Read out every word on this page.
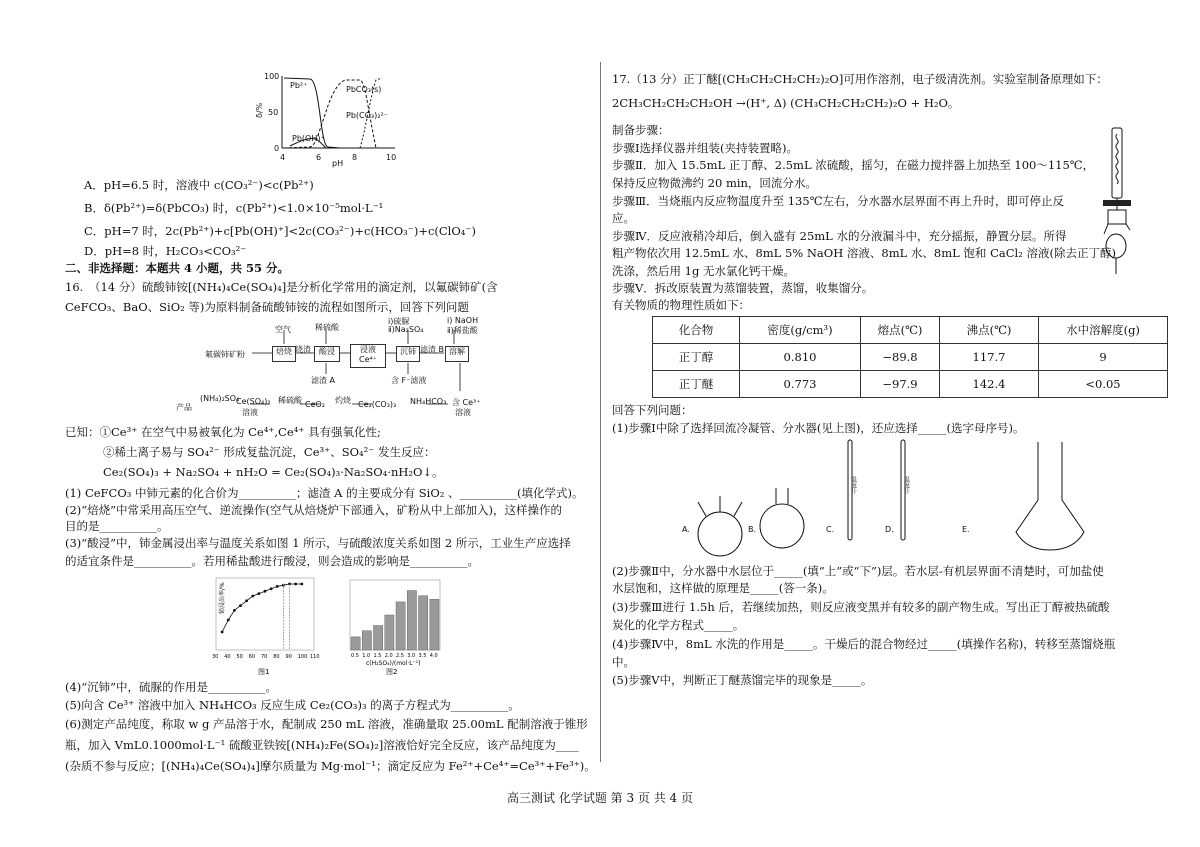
100
50
0
δ/%
4	6	8	10
pH
Pb²⁺	PbCO₃(s)
Pb(CO₃)₂²⁻
Pb(OH)⁺
A．pH=6.5 时，溶液中 c(CO₃²⁻)<c(Pb²⁺)
B．δ(Pb²⁺)=δ(PbCO₃) 时，c(Pb²⁺)<1.0×10⁻⁵mol·L⁻¹
C．pH=7 时，2c(Pb²⁺)+c[Pb(OH)⁺]<2c(CO₃²⁻)+c(HCO₃⁻)+c(ClO₄⁻)
D．pH=8 时，H₂CO₃<CO₃²⁻
二、非选择题：本题共 4 小题，共 55 分。
16.　（14 分）硫酸铈铵[(NH₄)₄Ce(SO₄)₄]是分析化学常用的滴定剂，以氟碳铈矿(含
CeFCO₃、BaO、SiO₂ 等)为原料制备硫酸铈铵的流程如图所示，回答下列问题
氟碳铈矿粉
空气
焙烧 烧渣
稀硫酸
酸浸	浸液
Ce⁴⁺
ⅰ)硫脲
ⅱ)Na₂SO₄
沉铈 滤渣 B
ⅰ) NaOH
ⅱ)稀盐酸
溶解
滤渣 A	含 F⁻滤液
含 Ce³⁺
溶液
NH₄HCO₃
Ce₂(CO₃)₃
灼烧
CeO₂
稀硫酸
Ce(SO₄)₂
溶液
(NH₄)₂SO₄
产品
已知：①Ce³⁺ 在空气中易被氧化为 Ce⁴⁺,Ce⁴⁺ 具有强氧化性;
②稀土离子易与 SO₄²⁻ 形成复盐沉淀，Ce³⁺、SO₄²⁻ 发生反应：
Ce₂(SO₄)₃ + Na₂SO₄ + nH₂O = Ce₂(SO₄)₃·Na₂SO₄·nH₂O↓。
(1) CeFCO₃ 中铈元素的化合价为__________；滤渣 A 的主要成分有 SiO₂ 、__________(填化学式)。
(2)“焙烧”中常采用高压空气、逆流操作(空气从焙烧炉下部通入，矿粉从中上部加入)，这样操作的
目的是__________。
(3)“酸浸”中，铈金属浸出率与温度关系如图 1 所示，与硫酸浓度关系如图 2 所示，工业生产应选择
的适宜条件是__________。若用稀盐酸进行酸浸，则会造成的影响是__________。
铈浸出率/%
图1
30 40 50 60 70 80 90 100 110
c(H₂SO₄)/(mol·L⁻¹)
图2
0.5 1.0 1.5 2.0 2.5 3.0 3.5 4.0
(4)“沉铈”中，硫脲的作用是__________。
(5)向含 Ce³⁺ 溶液中加入 NH₄HCO₃ 反应生成 Ce₂(CO₃)₃ 的离子方程式为__________。
(6)测定产品纯度，称取 w g 产品溶于水，配制成 250 mL 溶液，准确量取 25.00mL 配制溶液于锥形
瓶，加入 VmL0.1000mol·L⁻¹ 硫酸亚铁铵[(NH₄)₂Fe(SO₄)₂]溶液恰好完全反应，该产品纯度为____
(杂质不参与反应；[(NH₄)₄Ce(SO₄)₄]摩尔质量为 Mg·mol⁻¹；滴定反应为 Fe²⁺+Ce⁴⁺=Ce³⁺+Fe³⁺)。
17.（13 分）正丁醚[(CH₃CH₂CH₂CH₂)₂O]可用作溶剂，电子级清洗剂。实验室制备原理如下：
2CH₃CH₂CH₂CH₂OH →(H⁺, Δ) (CH₃CH₂CH₂CH₂)₂O + H₂O。
制备步骤：
步骤Ⅰ选择仪器并组装(夹持装置略)。
步骤Ⅱ．加入 15.5mL 正丁醇、2.5mL 浓硫酸，摇匀，在磁力搅拌器上加热至 100～115℃，
保持反应物微沸约 20 min，回流分水。
步骤Ⅲ．当烧瓶内反应物温度升至 135℃左右，分水器水层界面不再上升时，即可停止反
应。
步骤Ⅳ．反应液稍冷却后，倒入盛有 25mL 水的分液漏斗中，充分摇振，静置分层。所得
粗产物依次用 12.5mL 水、8mL 5% NaOH 溶液、8mL 水、8mL 饱和 CaCl₂ 溶液(除去正丁醇)
洗涤，然后用 1g 无水氯化钙干燥。
步骤Ⅴ．拆改原装置为蒸馏装置，蒸馏，收集馏分。
有关物质的物理性质如下：
化合物	密度(g/cm³)	熔点(℃)	沸点(℃)	水中溶解度(g)
正丁醇	0.810	−89.8	117.7	9
正丁醚	0.773	−97.9	142.4	<0.05
回答下列问题：
(1)步骤Ⅰ中除了选择回流冷凝管、分水器(见上图)，还应选择_____(选字母序号)。
A.	B.	C.	D.	E.
温度计	温度计
(2)步骤Ⅱ中，分水器中水层位于_____(填“上”或“下”)层。若水层-有机层界面不清楚时，可加盐使
水层饱和，这样做的原理是_____(答一条)。
(3)步骤Ⅲ进行 1.5h 后，若继续加热，则反应液变黑并有较多的副产物生成。写出正丁醇被热硫酸
炭化的化学方程式_____。
(4)步骤Ⅳ中，8mL 水洗的作用是_____。干燥后的混合物经过_____(填操作名称)，转移至蒸馏烧瓶
中。
(5)步骤Ⅴ中，判断正丁醚蒸馏完毕的现象是_____。
高三测试 化学试题 第 3 页 共 4 页
